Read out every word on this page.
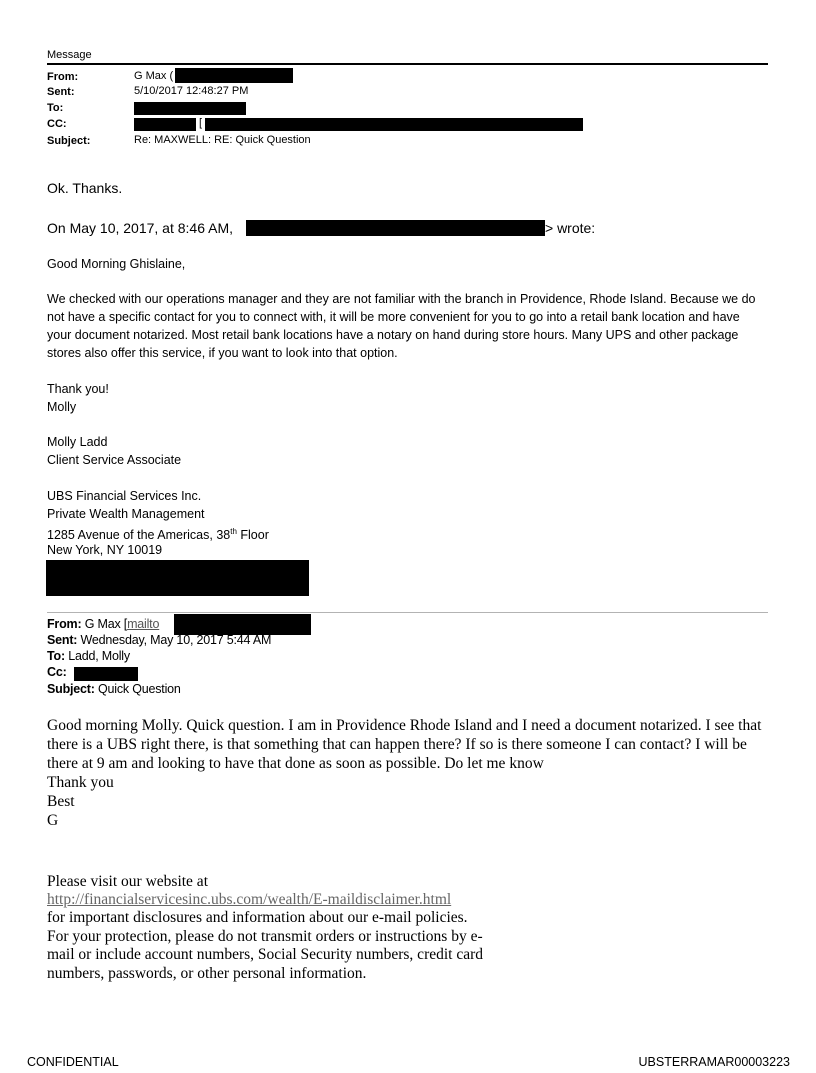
Message
From:	G Max (
Sent:	5/10/2017 12:48:27 PM
To:
CC:	[
Subject:	Re: MAXWELL: RE: Quick Question
Ok. Thanks.
On May 10, 2017, at 8:46 AM,	> wrote:
Good Morning Ghislaine,
We checked with our operations manager and they are not familiar with the branch in Providence, Rhode Island. Because we do not have a specific contact for you to connect with, it will be more convenient for you to go into a retail bank location and have your document notarized. Most retail bank locations have a notary on hand during store hours. Many UPS and other package stores also offer this service, if you want to look into that option.
Thank you!
Molly
Molly Ladd
Client Service Associate
UBS Financial Services Inc.
Private Wealth Management
1285 Avenue of the Americas, 38th Floor
New York, NY 10019
From: G Max [mailto
Sent: Wednesday, May 10, 2017 5:44 AM
To: Ladd, Molly
Cc:
Subject: Quick Question
Good morning Molly. Quick question. I am in Providence Rhode Island and I need a document notarized. I see that there is a UBS right there, is that something that can happen there? If so is there someone I can contact? I will be there at 9 am and looking to have that done as soon as possible. Do let me know
Thank you
Best
G
Please visit our website at
http://financialservicesinc.ubs.com/wealth/E-maildisclaimer.html
for important disclosures and information about our e-mail policies. For your protection, please do not transmit orders or instructions by e-mail or include account numbers, Social Security numbers, credit card numbers, passwords, or other personal information.
CONFIDENTIAL	UBSTERRAMAR00003223
